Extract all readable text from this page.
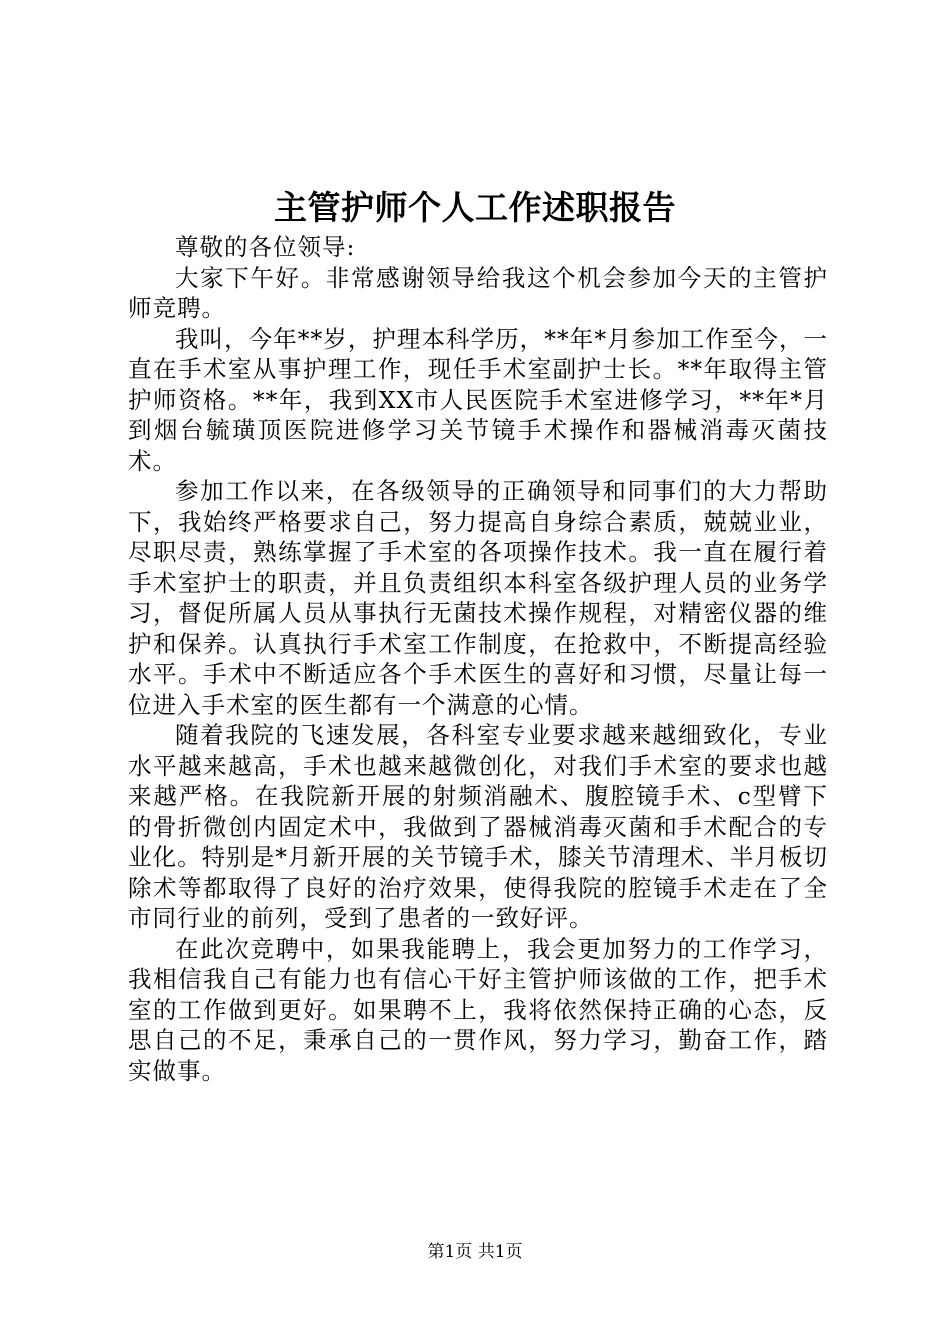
主管护师个人工作述职报告

尊敬的各位领导:

大家下午好。非常感谢领导给我这个机会参加今天的主管护师竞聘。

我叫，今年**岁，护理本科学历，**年*月参加工作至今，一直在手术室从事护理工作，现任手术室副护士长。**年取得主管护师资格。**年，我到XX市人民医院手术室进修学习，**年*月到烟台毓璜顶医院进修学习关节镜手术操作和器械消毒灭菌技术。

参加工作以来，在各级领导的正确领导和同事们的大力帮助下，我始终严格要求自己，努力提高自身综合素质，兢兢业业，尽职尽责，熟练掌握了手术室的各项操作技术。我一直在履行着手术室护士的职责，并且负责组织本科室各级护理人员的业务学习，督促所属人员从事执行无菌技术操作规程，对精密仪器的维护和保养。认真执行手术室工作制度，在抢救中，不断提高经验水平。手术中不断适应各个手术医生的喜好和习惯，尽量让每一位进入手术室的医生都有一个满意的心情。

随着我院的飞速发展，各科室专业要求越来越细致化，专业水平越来越高，手术也越来越微创化，对我们手术室的要求也越来越严格。在我院新开展的射频消融术、腹腔镜手术、c型臂下的骨折微创内固定术中，我做到了器械消毒灭菌和手术配合的专业化。特别是*月新开展的关节镜手术，膝关节清理术、半月板切除术等都取得了良好的治疗效果，使得我院的腔镜手术走在了全市同行业的前列，受到了患者的一致好评。

在此次竞聘中，如果我能聘上，我会更加努力的工作学习，我相信我自己有能力也有信心干好主管护师该做的工作，把手术室的工作做到更好。如果聘不上，我将依然保持正确的心态，反思自己的不足，秉承自己的一贯作风，努力学习，勤奋工作，踏实做事。

第1页 共1页
